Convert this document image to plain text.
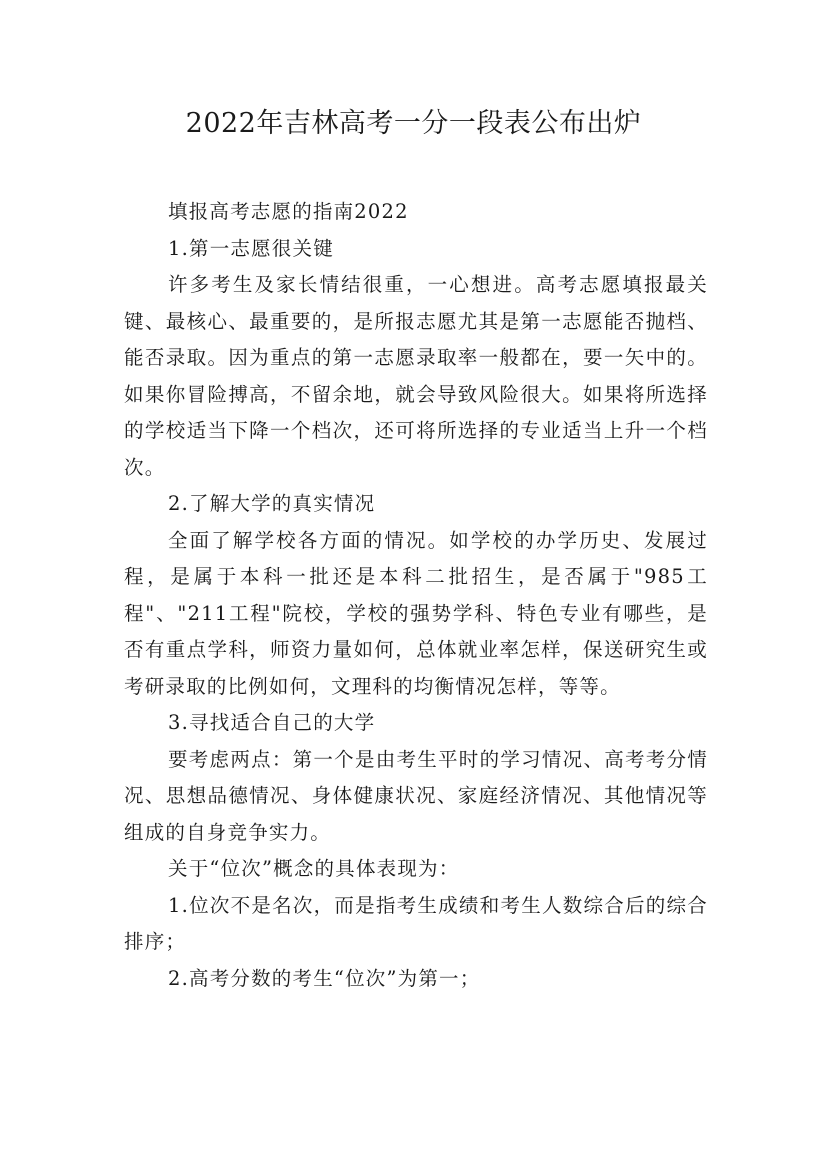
2022年吉林高考一分一段表公布出炉

填报高考志愿的指南2022

1.第一志愿很关键

许多考生及家长情结很重，一心想进。高考志愿填报最关键、最核心、最重要的，是所报志愿尤其是第一志愿能否抛档、能否录取。因为重点的第一志愿录取率一般都在，要一矢中的。如果你冒险搏高，不留余地，就会导致风险很大。如果将所选择的学校适当下降一个档次，还可将所选择的专业适当上升一个档次。

2.了解大学的真实情况

全面了解学校各方面的情况。如学校的办学历史、发展过程，是属于本科一批还是本科二批招生，是否属于"985工程"、"211工程"院校，学校的强势学科、特色专业有哪些，是否有重点学科，师资力量如何，总体就业率怎样，保送研究生或考研录取的比例如何，文理科的均衡情况怎样，等等。

3.寻找适合自己的大学

要考虑两点：第一个是由考生平时的学习情况、高考考分情况、思想品德情况、身体健康状况、家庭经济情况、其他情况等组成的自身竞争实力。

关于“位次”概念的具体表现为：

1.位次不是名次，而是指考生成绩和考生人数综合后的综合排序；

2.高考分数的考生“位次”为第一；
